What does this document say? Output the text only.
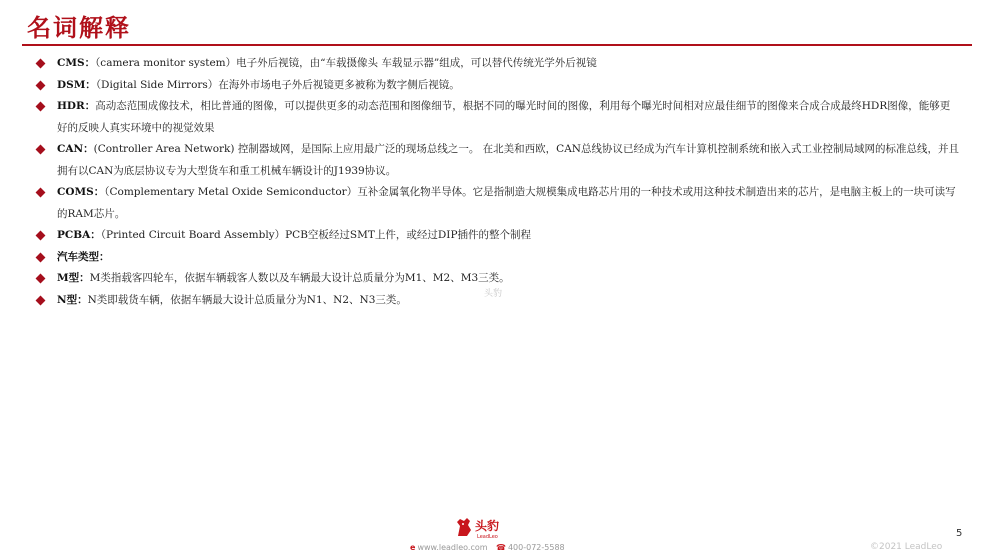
名词解释
CMS：（camera monitor system）电子外后视镜，由“车载摄像头 车载显示器”组成，可以替代传统光学外后视镜
DSM：（Digital Side Mirrors）在海外市场电子外后视镜更多被称为数字侧后视镜。
HDR：高动态范围成像技术，相比普通的图像，可以提供更多的动态范围和图像细节，根据不同的曝光时间的图像，利用每个曝光时间相对应最佳细节的图像来合成合成最终HDR图像，能够更好的反映人真实环境中的视觉效果
CAN：(Controller Area Network) 控制器域网，是国际上应用最广泛的现场总线之一。 在北美和西欧，CAN总线协议已经成为汽车计算机控制系统和嵌入式工业控制局域网的标准总线，并且拥有以CAN为底层协议专为大型货车和重工机械车辆设计的J1939协议。
COMS：（Complementary Metal Oxide Semiconductor）互补金属氧化物半导体。它是指制造大规模集成电路芯片用的一种技术或用这种技术制造出来的芯片，是电脑主板上的一块可读写的RAM芯片。
PCBA：（Printed Circuit Board Assembly）PCB空板经过SMT上件，或经过DIP插件的整个制程
汽车类型：
M型：M类指载客四轮车，依据车辆载客人数以及车辆最大设计总质量分为M1、M2、M3三类。
N型：N类即载货车辆，依据车辆最大设计总质量分为N1、N2、N3三类。	头豹
头豹
LeadLeo
e www.leadleo.com ☎ 400-072-5588	©2021 LeadLeo
5
